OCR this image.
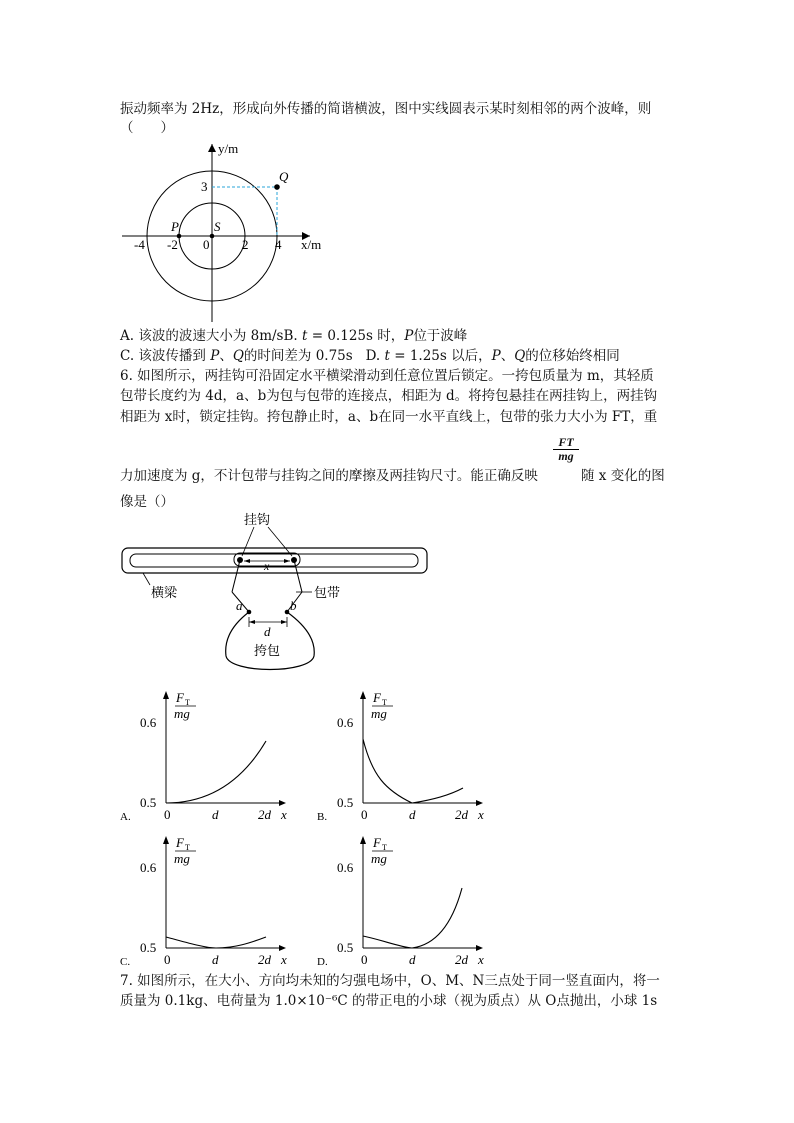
振动频率为 2Hz，形成向外传播的简谐横波，图中实线圆表示某时刻相邻的两个波峰，则
（　　）
y/m
x/m
Q
P	S
-4 -2 0	2 4
3
A. 该波的波速大小为 8m/sB. t = 0.125s 时，P位于波峰
C. 该波传播到 P、Q的时间差为 0.75s D. t = 1.25s 以后，P、Q的位移始终相同
6. 如图所示，两挂钩可沿固定水平横梁滑动到任意位置后锁定。一挎包质量为 m，其轻质
包带长度约为 4d，a、b为包与包带的连接点，相距为 d。将挎包悬挂在两挂钩上，两挂钩
相距为 x时，锁定挂钩。挎包静止时，a、b在同一水平直线上，包带的张力大小为 FT，重
$\frac{FT}{mg}$
力加速度为 g，不计包带与挂钩之间的摩擦及两挂钩尺寸。能正确反映	随 x 变化的图
像是（）
挂钩
横梁	包带
挎包
a	b
x
d
F T
mg
0.6
0.5
0	d	2d x
A.
F T
mg
0.6
0.5
0	d	2d x
B.
F T
mg
0.6
0.5
0	d	2d x
C.
F T
mg
0.6
0.5
0	d	2d x
D.
7. 如图所示，在大小、方向均未知的匀强电场中，O、M、N三点处于同一竖直面内，将一
质量为 0.1kg、电荷量为 1.0×10⁻⁶C 的带正电的小球（视为质点）从 O点抛出，小球 1s
